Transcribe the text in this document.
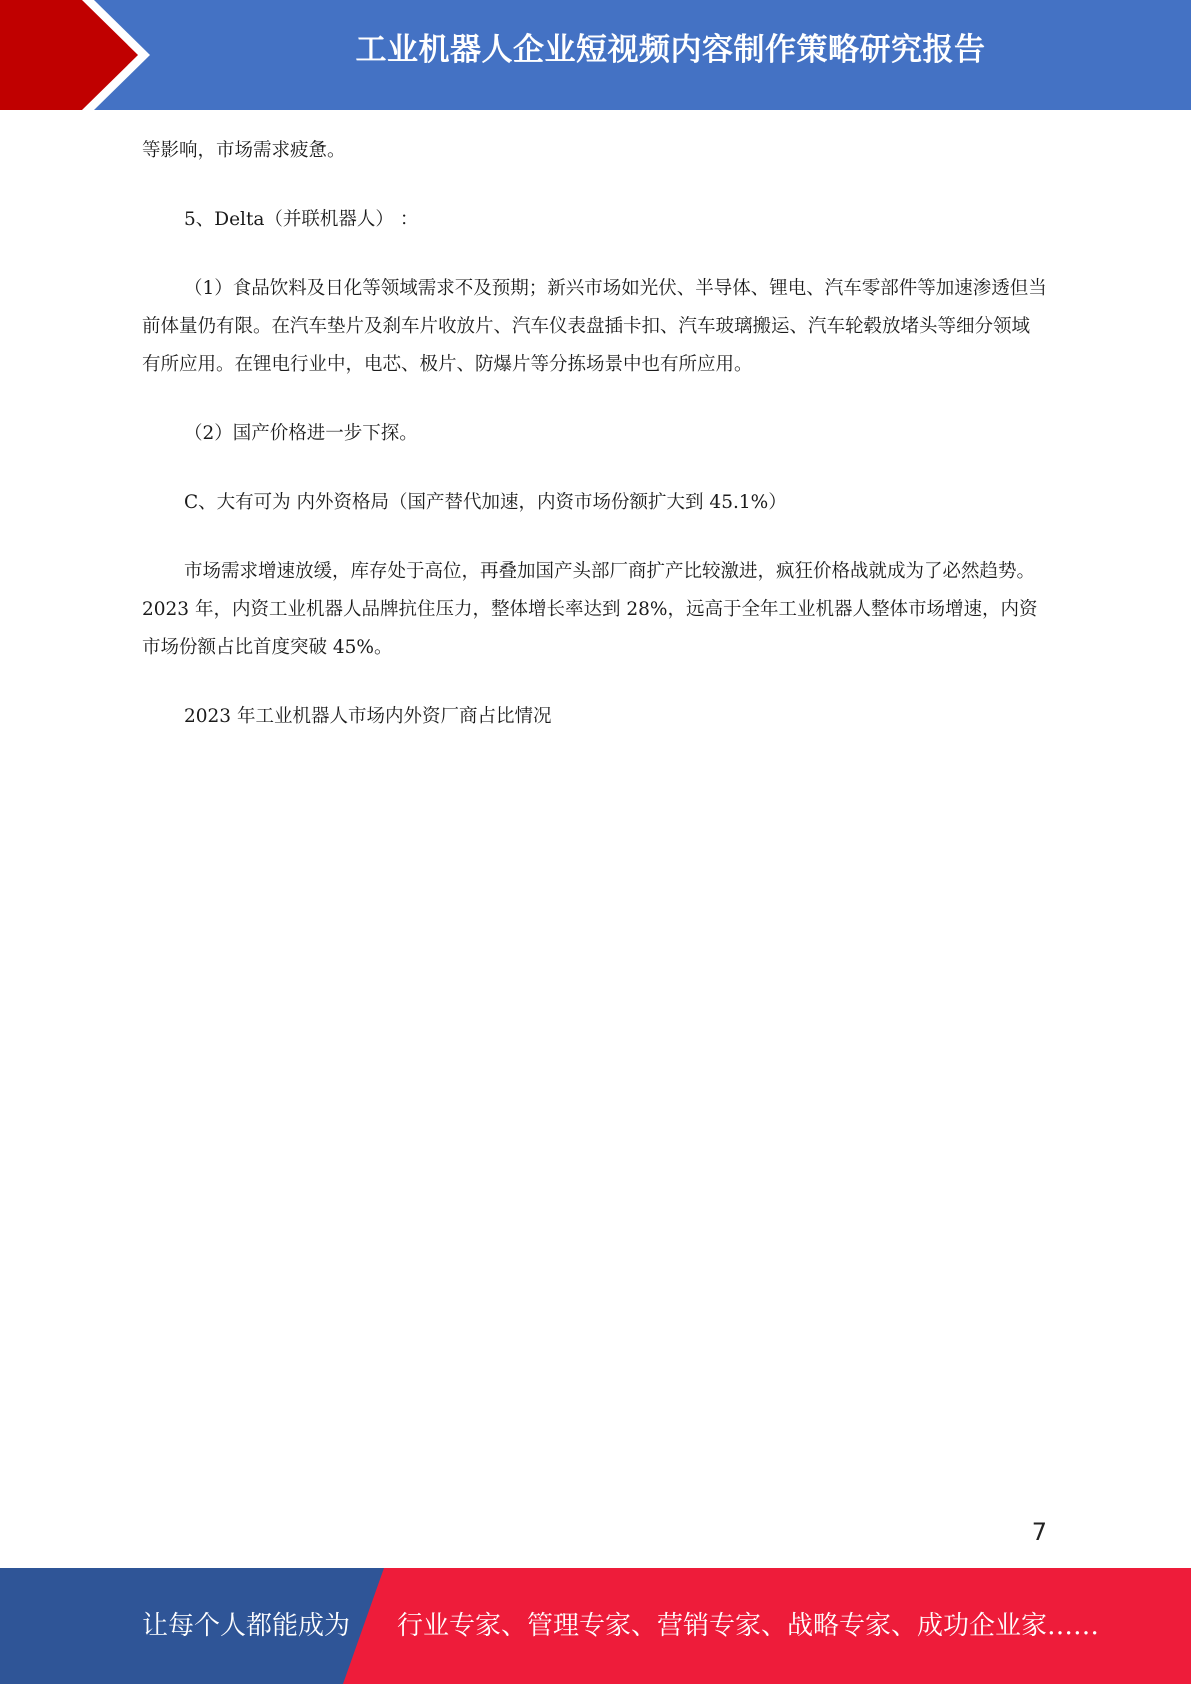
工业机器人企业短视频内容制作策略研究报告

等影响，市场需求疲惫。

5、Delta（并联机器人） ：

（1）食品饮料及日化等领域需求不及预期；新兴市场如光伏、半导体、锂电、汽车零部件等加速渗透但当前体量仍有限。在汽车垫片及刹车片收放片、汽车仪表盘插卡扣、汽车玻璃搬运、汽车轮毂放堵头等细分领域有所应用。在锂电行业中，电芯、极片、防爆片等分拣场景中也有所应用。

（2）国产价格进一步下探。

C、大有可为 内外资格局（国产替代加速，内资市场份额扩大到 45.1%）

市场需求增速放缓，库存处于高位，再叠加国产头部厂商扩产比较激进，疯狂价格战就成为了必然趋势。2023 年，内资工业机器人品牌抗住压力，整体增长率达到 28%，远高于全年工业机器人整体市场增速，内资市场份额占比首度突破 45%。

2023 年工业机器人市场内外资厂商占比情况

7
让每个人都能成为 行业专家、管理专家、营销专家、战略专家、成功企业家……
